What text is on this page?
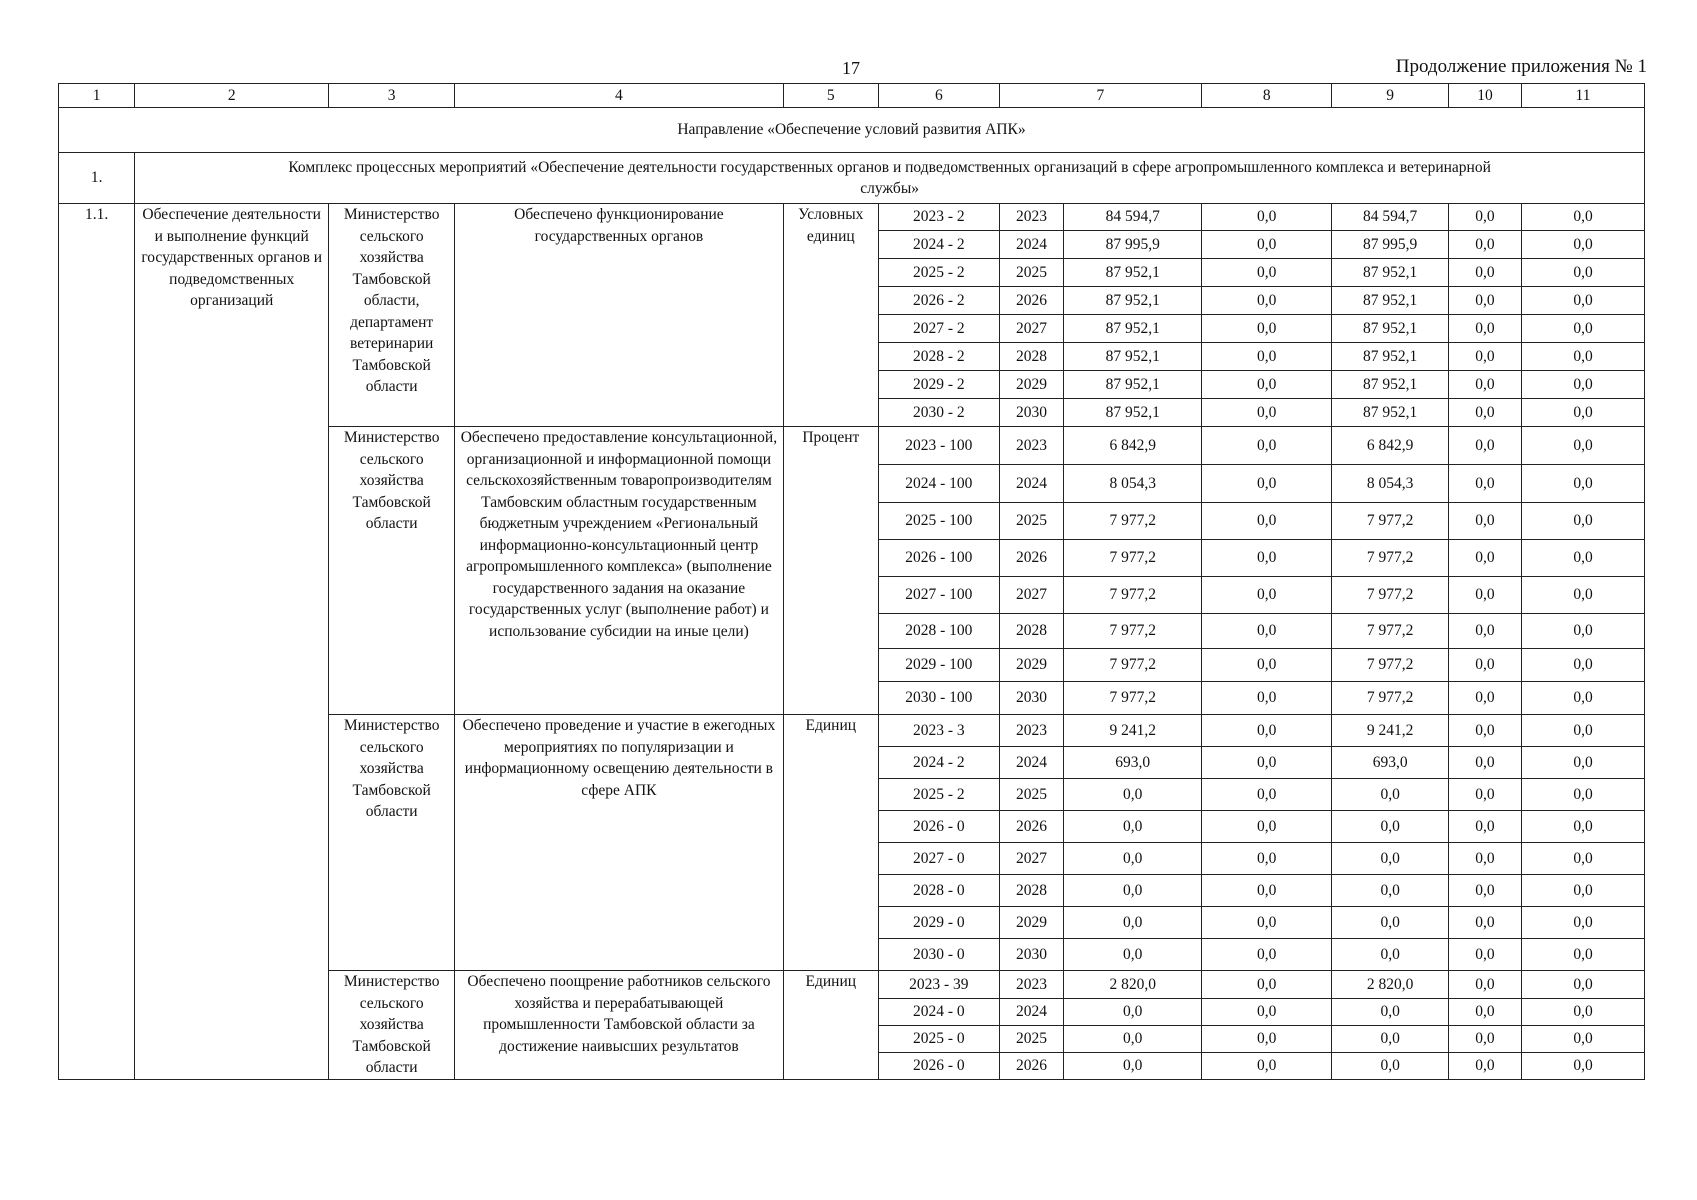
17	Продолжение приложения № 1
1	2	3	4	5	6	7		8	9	10	11
Направление «Обеспечение условий развития АПК»											
1.	Комплекс процессных мероприятий «Обеспечение деятельности государственных органов и подведомственных организаций в сфере агропромышленного комплекса и ветеринарной службы»										
1.1.	Обеспечение деятельности и выполнение функций государственных органов и подведомственных организаций	Министерство сельского хозяйства Тамбовской области, департамент ветеринарии Тамбовской области	Обеспечено функционирование государственных органов	Условных единиц	2023 - 2	2023	84 594,7	0,0	84 594,7	0,0	0,0
					2024 - 2	2024	87 995,9	0,0	87 995,9	0,0	0,0
					2025 - 2	2025	87 952,1	0,0	87 952,1	0,0	0,0
					2026 - 2	2026	87 952,1	0,0	87 952,1	0,0	0,0
					2027 - 2	2027	87 952,1	0,0	87 952,1	0,0	0,0
					2028 - 2	2028	87 952,1	0,0	87 952,1	0,0	0,0
					2029 - 2	2029	87 952,1	0,0	87 952,1	0,0	0,0
					2030 - 2	2030	87 952,1	0,0	87 952,1	0,0	0,0
		Министерство сельского хозяйства Тамбовской области	Обеспечено предоставление консультационной, организационной и информационной помощи сельскохозяйственным товаропроизводителям Тамбовским областным государственным бюджетным учреждением «Региональный информационно-консультационный центр агропромышленного комплекса» (выполнение государственного задания на оказание государственных услуг (выполнение работ) и использование субсидии на иные цели)	Процент	2023 - 100	2023	6 842,9	0,0	6 842,9	0,0	0,0
					2024 - 100	2024	8 054,3	0,0	8 054,3	0,0	0,0
					2025 - 100	2025	7 977,2	0,0	7 977,2	0,0	0,0
					2026 - 100	2026	7 977,2	0,0	7 977,2	0,0	0,0
					2027 - 100	2027	7 977,2	0,0	7 977,2	0,0	0,0
					2028 - 100	2028	7 977,2	0,0	7 977,2	0,0	0,0
					2029 - 100	2029	7 977,2	0,0	7 977,2	0,0	0,0
					2030 - 100	2030	7 977,2	0,0	7 977,2	0,0	0,0
		Министерство сельского хозяйства Тамбовской области	Обеспечено проведение и участие в ежегодных мероприятиях по популяризации и информационному освещению деятельности в сфере АПК	Единиц	2023 - 3	2023	9 241,2	0,0	9 241,2	0,0	0,0
					2024 - 2	2024	693,0	0,0	693,0	0,0	0,0
					2025 - 2	2025	0,0	0,0	0,0	0,0	0,0
					2026 - 0	2026	0,0	0,0	0,0	0,0	0,0
					2027 - 0	2027	0,0	0,0	0,0	0,0	0,0
					2028 - 0	2028	0,0	0,0	0,0	0,0	0,0
					2029 - 0	2029	0,0	0,0	0,0	0,0	0,0
					2030 - 0	2030	0,0	0,0	0,0	0,0	0,0
		Министерство сельского хозяйства Тамбовской области	Обеспечено поощрение работников сельского хозяйства и перерабатывающей промышленности Тамбовской области за достижение наивысших результатов	Единиц	2023 - 39	2023	2 820,0	0,0	2 820,0	0,0	0,0
					2024 - 0	2024	0,0	0,0	0,0	0,0	0,0
					2025 - 0	2025	0,0	0,0	0,0	0,0	0,0
					2026 - 0	2026	0,0	0,0	0,0	0,0	0,0
